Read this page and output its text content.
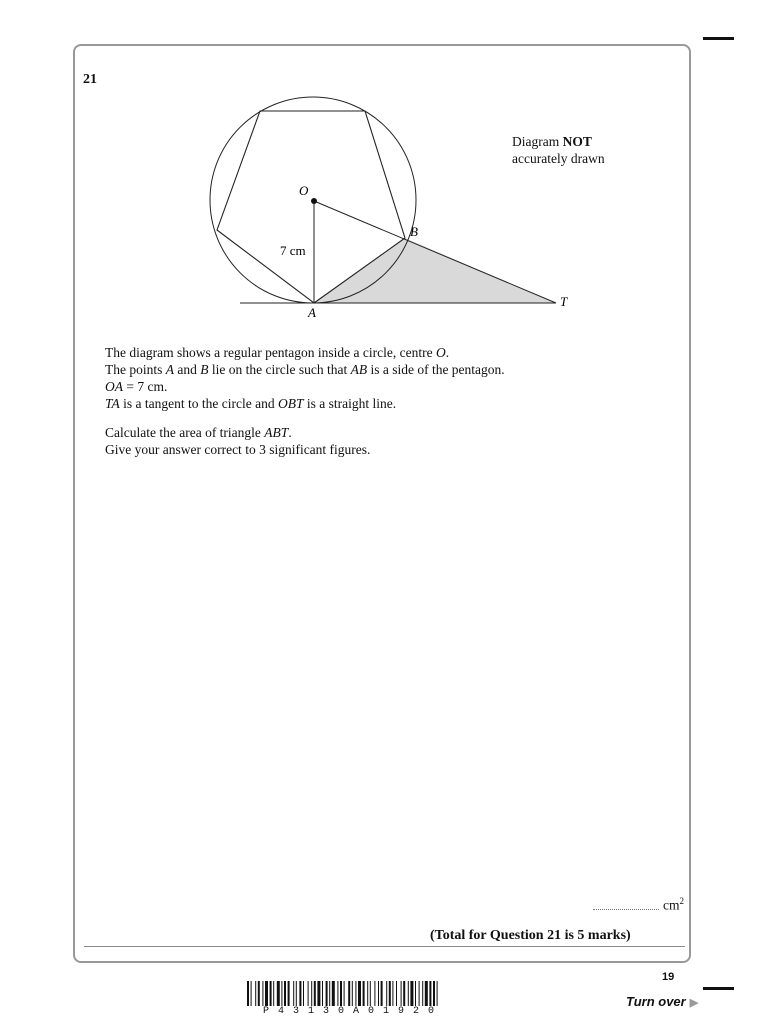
21
O
B
A
T
7 cm
Diagram NOT
accurately drawn

The diagram shows a regular pentagon inside a circle, centre O.

The points A and B lie on the circle such that AB is a side of the pentagon.

OA = 7 cm.

TA is a tangent to the circle and OBT is a straight line.

Calculate the area of triangle ABT.

Give your answer correct to 3 significant figures.

$cm^2$
(Total for Question 21 is 5 marks)
19
P43130A01920
Turn over ▶
